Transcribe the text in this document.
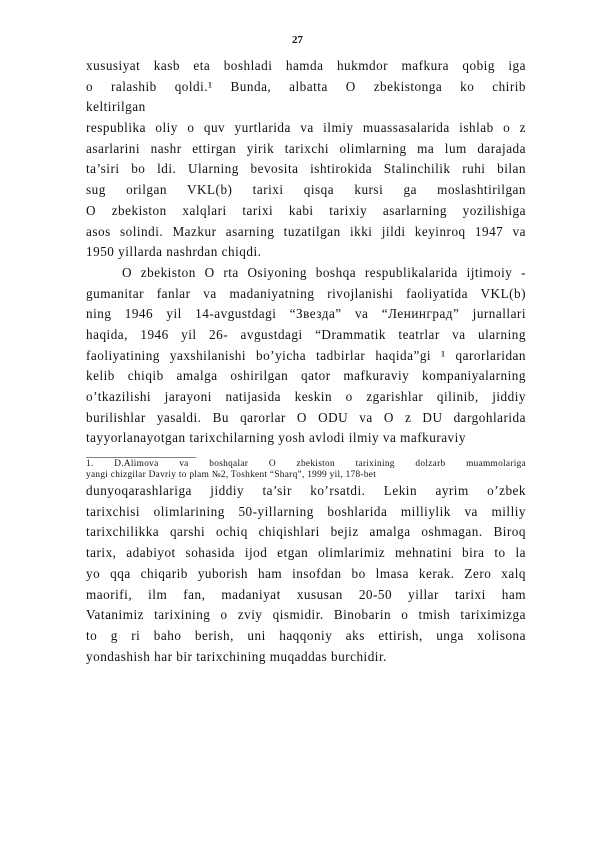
27
xususiyat kasb eta boshladi hamda hukmdor mafkura qobig iga
o ralashib qoldi.¹ Bunda, albatta O zbekistonga ko chirib
keltirilgan
respublika oliy o quv yurtlarida va ilmiy muassasalarida ishlab o z
asarlarini nashr ettirgan yirik tarixchi olimlarning ma lum darajada
ta’siri bo ldi. Ularning bevosita ishtirokida Stalinchilik ruhi bilan
sug orilgan VKL(b) tarixi qisqa kursi ga moslashtirilgan
O zbekiston xalqlari tarixi kabi tarixiy asarlarning yozilishiga
asos solindi. Mazkur asarning tuzatilgan ikki jildi keyinroq 1947 va
1950 yillarda nashrdan chiqdi.
O zbekiston O rta Osiyoning boshqa respublikalarida ijtimoiy -
gumanitar fanlar va madaniyatning rivojlanishi faoliyatida VKL(b)
ning 1946 yil 14-avgustdagi “Звезда” va “Ленинград” jurnallari
haqida, 1946 yil 26- avgustdagi “Drammatik teatrlar va ularning
faoliyatining yaxshilanishi bo’yicha tadbirlar haqida”gi ¹ qarorlaridan
kelib chiqib amalga oshirilgan qator mafkuraviy kompaniyalarning
o’tkazilishi jarayoni natijasida keskin o zgarishlar qilinib, jiddiy
burilishlar yasaldi. Bu qarorlar O ODU va O z DU dargohlarida
tayyorlanayotgan tarixchilarning yosh avlodi ilmiy va mafkuraviy
______________________
1. D.Alimova va boshqalar O zbekiston tarixining dolzarb muammolariga
yangi chizgilar Davriy to plam №2, Toshkent “Sharq”, 1999 yil, 178-bet
dunyoqarashlariga jiddiy ta’sir ko’rsatdi. Lekin ayrim o’zbek
tarixchisi olimlarining 50-yillarning boshlarida milliylik va milliy
tarixchilikka qarshi ochiq chiqishlari bejiz amalga oshmagan. Biroq
tarix, adabiyot sohasida ijod etgan olimlarimiz mehnatini bira to la
yo qqa chiqarib yuborish ham insofdan bo lmasa kerak. Zero xalq
maorifi, ilm fan, madaniyat xususan 20-50 yillar tarixi ham
Vatanimiz tarixining o zviy qismidir. Binobarin o tmish tariximizga
to g ri baho berish, uni haqqoniy aks ettirish, unga xolisona
yondashish har bir tarixchining muqaddas burchidir.
